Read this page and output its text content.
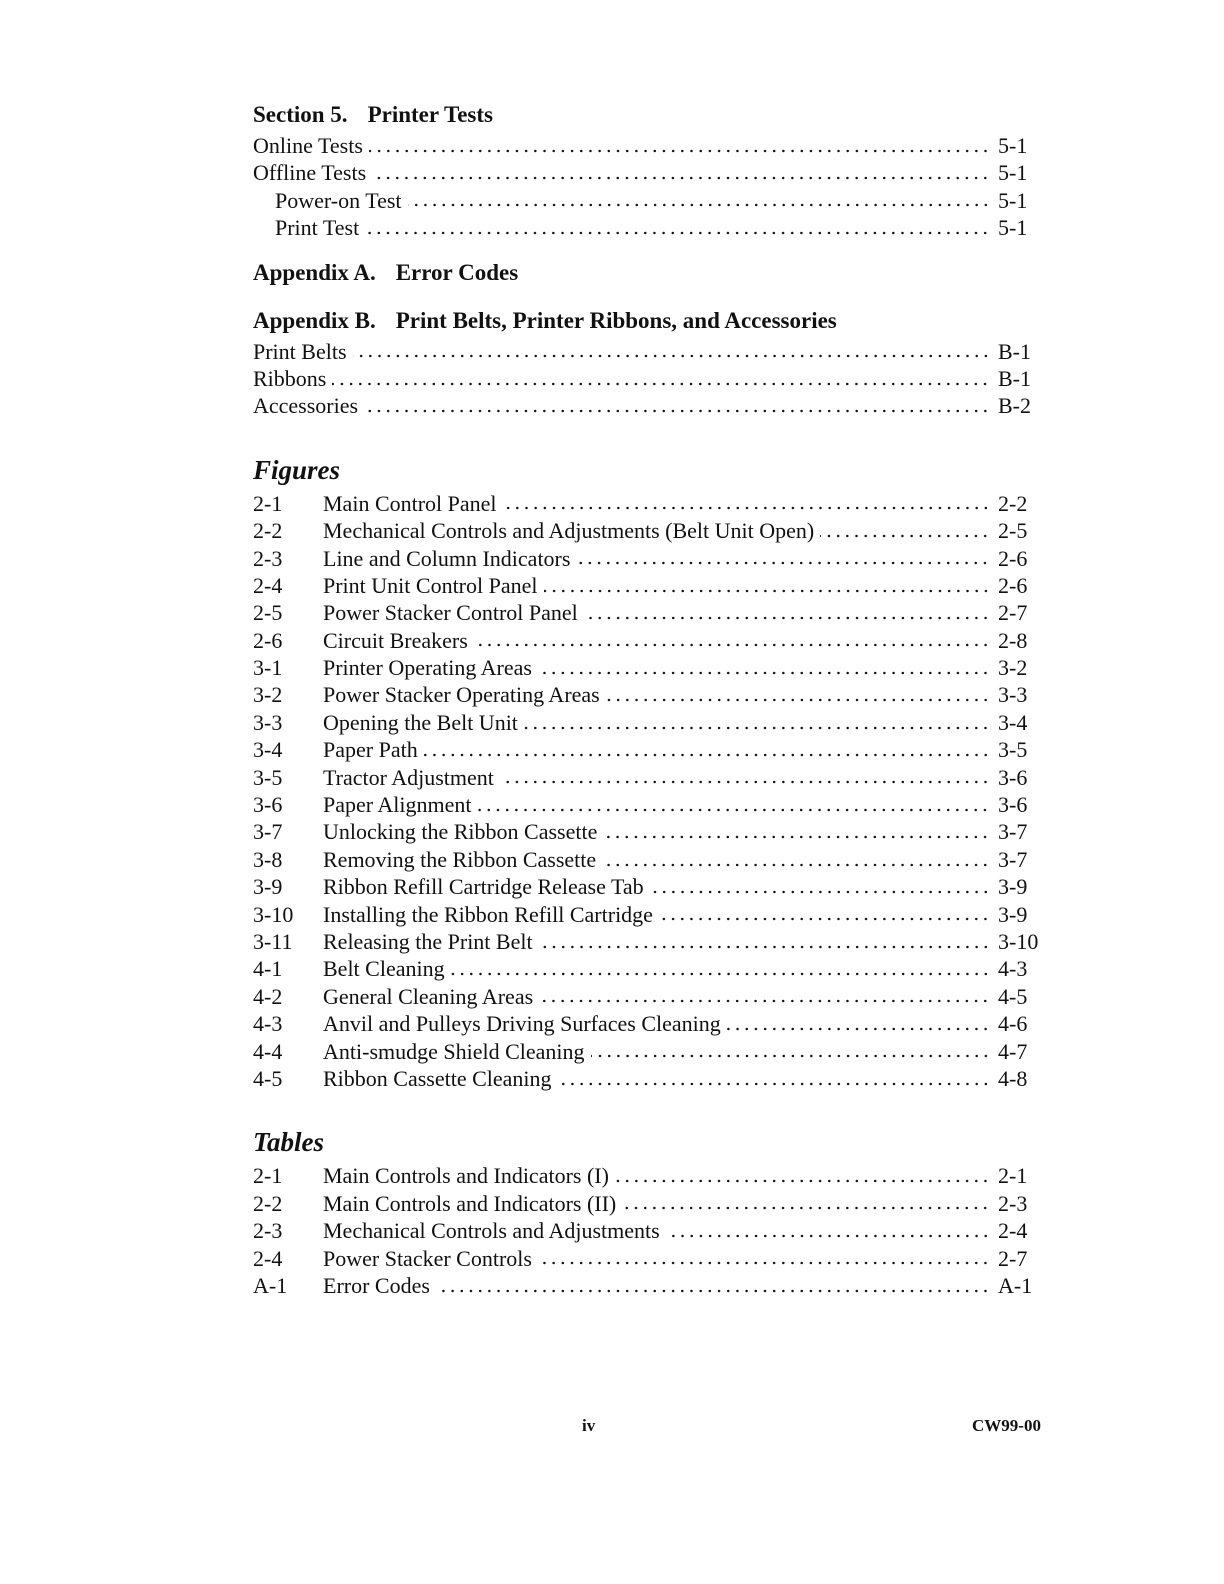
Section 5. Printer Tests
Online Tests	5-1
Offline Tests	5-1
Power-on Test	5-1
Print Test	5-1
Appendix A. Error Codes
Appendix B. Print Belts, Printer Ribbons, and Accessories
Print Belts	B-1
Ribbons	B-1
Accessories	B-2
Figures
2-1	Main Control Panel	2-2
2-2	Mechanical Controls and Adjustments (Belt Unit Open)	2-5
2-3	Line and Column Indicators	2-6
2-4	Print Unit Control Panel	2-6
2-5	Power Stacker Control Panel	2-7
2-6	Circuit Breakers	2-8
3-1	Printer Operating Areas	3-2
3-2	Power Stacker Operating Areas	3-3
3-3	Opening the Belt Unit	3-4
3-4	Paper Path	3-5
3-5	Tractor Adjustment	3-6
3-6	Paper Alignment	3-6
3-7	Unlocking the Ribbon Cassette	3-7
3-8	Removing the Ribbon Cassette	3-7
3-9	Ribbon Refill Cartridge Release Tab	3-9
3-10	Installing the Ribbon Refill Cartridge	3-9
3-11	Releasing the Print Belt	3-10
4-1	Belt Cleaning	4-3
4-2	General Cleaning Areas	4-5
4-3	Anvil and Pulleys Driving Surfaces Cleaning	4-6
4-4	Anti-smudge Shield Cleaning	4-7
4-5	Ribbon Cassette Cleaning	4-8
Tables
2-1	Main Controls and Indicators (I)	2-1
2-2	Main Controls and Indicators (II)	2-3
2-3	Mechanical Controls and Adjustments	2-4
2-4	Power Stacker Controls	2-7
A-1	Error Codes	A-1
iv	CW99-00
